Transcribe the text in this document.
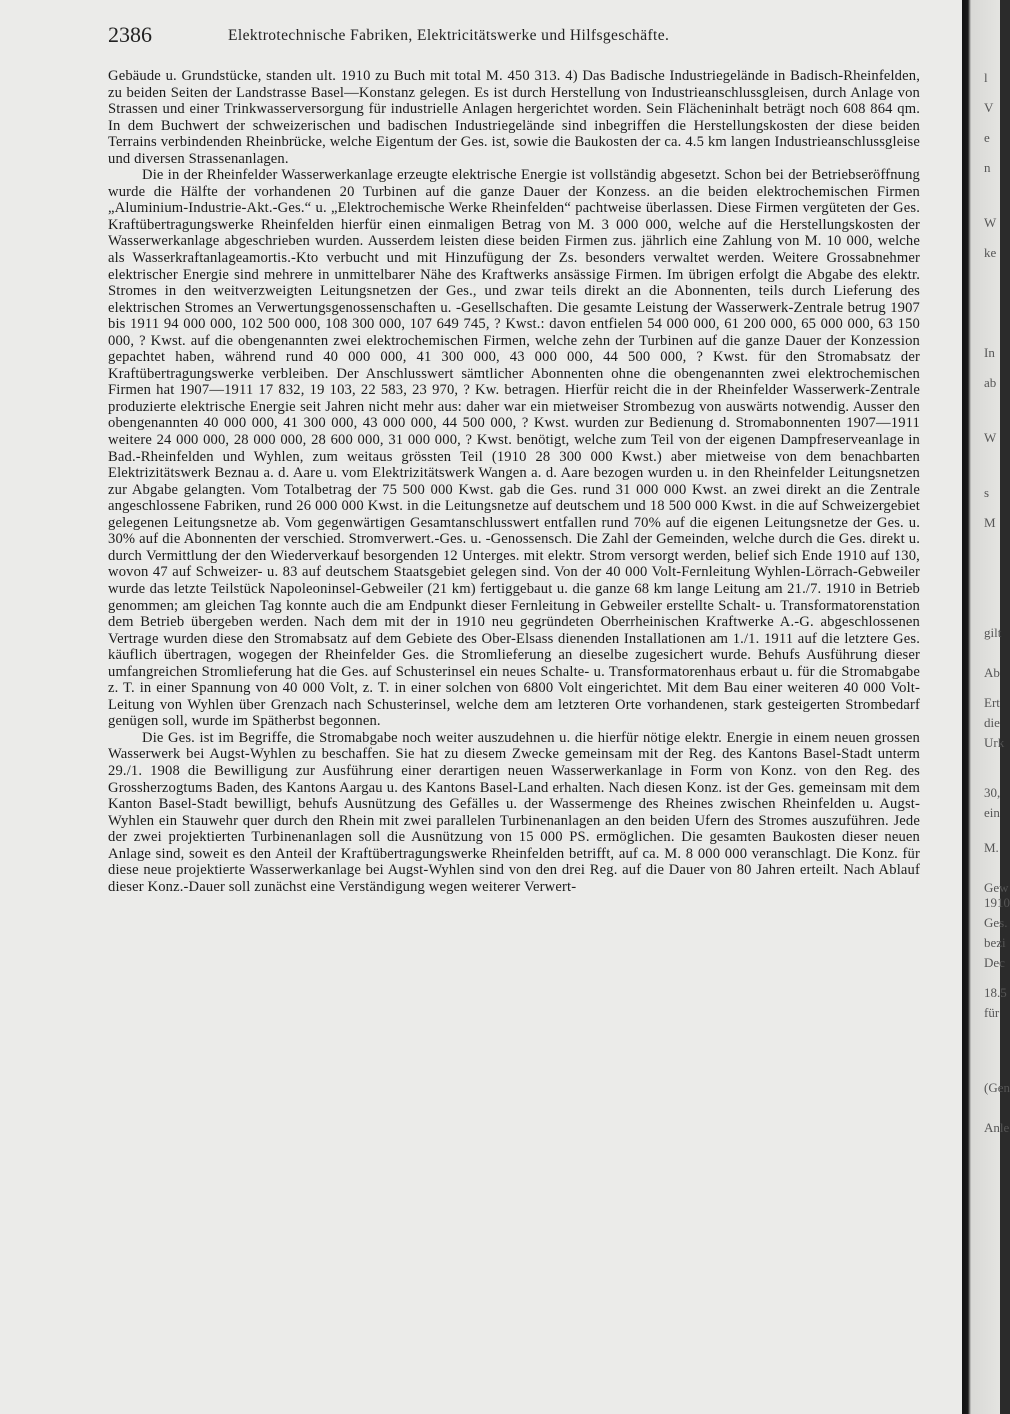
2386	Elektrotechnische Fabriken, Elektricitätswerke und Hilfsgeschäfte.

Gebäude u. Grundstücke, standen ult. 1910 zu Buch mit total M. 450 313. 4) Das Badische Industriegelände in Badisch-Rheinfelden, zu beiden Seiten der Landstrasse Basel—Konstanz gelegen. Es ist durch Herstellung von Industrieanschlussgleisen, durch Anlage von Strassen und einer Trinkwasserversorgung für industrielle Anlagen hergerichtet worden. Sein Flächeninhalt beträgt noch 608 864 qm. In dem Buchwert der schweizerischen und badischen Industriegelände sind inbegriffen die Herstellungskosten der diese beiden Terrains verbindenden Rheinbrücke, welche Eigentum der Ges. ist, sowie die Baukosten der ca. 4.5 km langen Industrieanschlussgleise und diversen Strassenanlagen.

Die in der Rheinfelder Wasserwerkanlage erzeugte elektrische Energie ist vollständig abgesetzt. Schon bei der Betriebseröffnung wurde die Hälfte der vorhandenen 20 Turbinen auf die ganze Dauer der Konzess. an die beiden elektrochemischen Firmen „Aluminium-Industrie-Akt.-Ges.“ u. „Elektrochemische Werke Rheinfelden“ pachtweise überlassen. Diese Firmen vergüteten der Ges. Kraftübertragungswerke Rheinfelden hierfür einen einmaligen Betrag von M. 3 000 000, welche auf die Herstellungskosten der Wasserwerkanlage abgeschrieben wurden. Ausserdem leisten diese beiden Firmen zus. jährlich eine Zahlung von M. 10 000, welche als Wasserkraftanlageamortis.-Kto verbucht und mit Hinzufügung der Zs. besonders verwaltet werden. Weitere Grossabnehmer elektrischer Energie sind mehrere in unmittelbarer Nähe des Kraftwerks ansässige Firmen. Im übrigen erfolgt die Abgabe des elektr. Stromes in den weitverzweigten Leitungsnetzen der Ges., und zwar teils direkt an die Abonnenten, teils durch Lieferung des elektrischen Stromes an Verwertungsgenossenschaften u. -Gesellschaften. Die gesamte Leistung der Wasserwerk-Zentrale betrug 1907 bis 1911 94 000 000, 102 500 000, 108 300 000, 107 649 745, ? Kwst.: davon entfielen 54 000 000, 61 200 000, 65 000 000, 63 150 000, ? Kwst. auf die obengenannten zwei elektrochemischen Firmen, welche zehn der Turbinen auf die ganze Dauer der Konzession gepachtet haben, während rund 40 000 000, 41 300 000, 43 000 000, 44 500 000, ? Kwst. für den Stromabsatz der Kraftübertragungswerke verbleiben. Der Anschlusswert sämtlicher Abonnenten ohne die obengenannten zwei elektrochemischen Firmen hat 1907—1911 17 832, 19 103, 22 583, 23 970, ? Kw. betragen. Hierfür reicht die in der Rheinfelder Wasserwerk-Zentrale produzierte elektrische Energie seit Jahren nicht mehr aus: daher war ein mietweiser Strombezug von auswärts notwendig. Ausser den obengenannten 40 000 000, 41 300 000, 43 000 000, 44 500 000, ? Kwst. wurden zur Bedienung d. Stromabonnenten 1907—1911 weitere 24 000 000, 28 000 000, 28 600 000, 31 000 000, ? Kwst. benötigt, welche zum Teil von der eigenen Dampfreserveanlage in Bad.-Rheinfelden und Wyhlen, zum weitaus grössten Teil (1910 28 300 000 Kwst.) aber mietweise von dem benachbarten Elektrizitätswerk Beznau a. d. Aare u. vom Elektrizitätswerk Wangen a. d. Aare bezogen wurden u. in den Rheinfelder Leitungsnetzen zur Abgabe gelangten. Vom Totalbetrag der 75 500 000 Kwst. gab die Ges. rund 31 000 000 Kwst. an zwei direkt an die Zentrale angeschlossene Fabriken, rund 26 000 000 Kwst. in die Leitungsnetze auf deutschem und 18 500 000 Kwst. in die auf Schweizergebiet gelegenen Leitungsnetze ab. Vom gegenwärtigen Gesamtanschlusswert entfallen rund 70% auf die eigenen Leitungsnetze der Ges. u. 30% auf die Abonnenten der verschied. Stromverwert.-Ges. u. -Genossensch. Die Zahl der Gemeinden, welche durch die Ges. direkt u. durch Vermittlung der den Wiederverkauf besorgenden 12 Unterges. mit elektr. Strom versorgt werden, belief sich Ende 1910 auf 130, wovon 47 auf Schweizer- u. 83 auf deutschem Staatsgebiet gelegen sind. Von der 40 000 Volt-Fernleitung Wyhlen-Lörrach-Gebweiler wurde das letzte Teilstück Napoleoninsel-Gebweiler (21 km) fertiggebaut u. die ganze 68 km lange Leitung am 21./7. 1910 in Betrieb genommen; am gleichen Tag konnte auch die am Endpunkt dieser Fernleitung in Gebweiler erstellte Schalt- u. Transformatorenstation dem Betrieb übergeben werden. Nach dem mit der in 1910 neu gegründeten Oberrheinischen Kraftwerke A.-G. abgeschlossenen Vertrage wurden diese den Stromabsatz auf dem Gebiete des Ober-Elsass dienenden Installationen am 1./1. 1911 auf die letztere Ges. käuflich übertragen, wogegen der Rheinfelder Ges. die Stromlieferung an dieselbe zugesichert wurde. Behufs Ausführung dieser umfangreichen Stromlieferung hat die Ges. auf Schusterinsel ein neues Schalte- u. Transformatorenhaus erbaut u. für die Stromabgabe z. T. in einer Spannung von 40 000 Volt, z. T. in einer solchen von 6800 Volt eingerichtet. Mit dem Bau einer weiteren 40 000 Volt-Leitung von Wyhlen über Grenzach nach Schusterinsel, welche dem am letzteren Orte vorhandenen, stark gesteigerten Strombedarf genügen soll, wurde im Spätherbst begonnen.

Die Ges. ist im Begriffe, die Stromabgabe noch weiter auszudehnen u. die hierfür nötige elektr. Energie in einem neuen grossen Wasserwerk bei Augst-Wyhlen zu beschaffen. Sie hat zu diesem Zwecke gemeinsam mit der Reg. des Kantons Basel-Stadt unterm 29./1. 1908 die Bewilligung zur Ausführung einer derartigen neuen Wasserwerkanlage in Form von Konz. von den Reg. des Grossherzogtums Baden, des Kantons Aargau u. des Kantons Basel-Land erhalten. Nach diesen Konz. ist der Ges. gemeinsam mit dem Kanton Basel-Stadt bewilligt, behufs Ausnützung des Gefälles u. der Wassermenge des Rheines zwischen Rheinfelden u. Augst-Wyhlen ein Stauwehr quer durch den Rhein mit zwei parallelen Turbinenanlagen an den beiden Ufern des Stromes auszuführen. Jede der zwei projektierten Turbinenanlagen soll die Ausnützung von 15 000 PS. ermöglichen. Die gesamten Baukosten dieser neuen Anlage sind, soweit es den Anteil der Kraftübertragungswerke Rheinfelden betrifft, auf ca. M. 8 000 000 veranschlagt. Die Konz. für diese neue projektierte Wasserwerkanlage bei Augst-Wyhlen sind von den drei Reg. auf die Dauer von 80 Jahren erteilt. Nach Ablauf dieser Konz.-Dauer soll zunächst eine Verständigung wegen weiterer Verwert-

l
V
e
n
W
ke
In
ab
W
s
M
gilt
Ab
Ert
die
Urk
30,
ein
M.
Gew
1910
Ges.
bezi
Dec
18.5
für
(Gen
Anle
